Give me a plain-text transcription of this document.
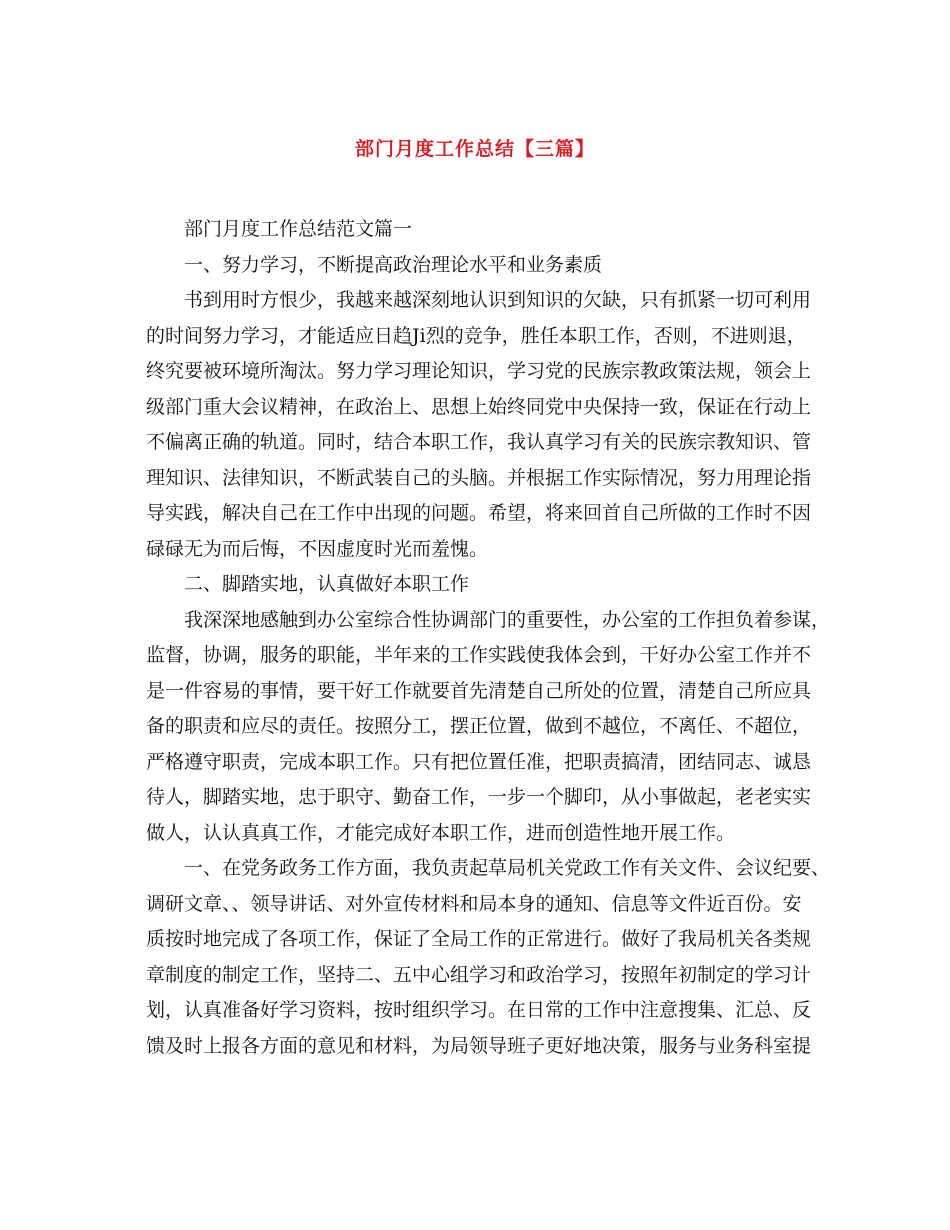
部门月度工作总结【三篇】
部门月度工作总结范文篇一
一、努力学习，不断提高政治理论水平和业务素质
书到用时方恨少，我越来越深刻地认识到知识的欠缺，只有抓紧一切可利用
的时间努力学习，才能适应日趋Ji烈的竞争，胜任本职工作，否则，不进则退，
终究要被环境所淘汰。努力学习理论知识，学习党的民族宗教政策法规，领会上
级部门重大会议精神，在政治上、思想上始终同党中央保持一致，保证在行动上
不偏离正确的轨道。同时，结合本职工作，我认真学习有关的民族宗教知识、管
理知识、法律知识，不断武装自己的头脑。并根据工作实际情况，努力用理论指
导实践，解决自己在工作中出现的问题。希望，将来回首自己所做的工作时不因
碌碌无为而后悔，不因虚度时光而羞愧。
二、脚踏实地，认真做好本职工作
我深深地感触到办公室综合性协调部门的重要性，办公室的工作担负着参谋，
监督，协调，服务的职能，半年来的工作实践使我体会到，干好办公室工作并不
是一件容易的事情，要干好工作就要首先清楚自己所处的位置，清楚自己所应具
备的职责和应尽的责任。按照分工，摆正位置，做到不越位，不离任、不超位，
严格遵守职责，完成本职工作。只有把位置任准，把职责搞清，团结同志、诚恳
待人，脚踏实地，忠于职守、勤奋工作，一步一个脚印，从小事做起，老老实实
做人，认认真真工作，才能完成好本职工作，进而创造性地开展工作。
一、在党务政务工作方面，我负责起草局机关党政工作有关文件、会议纪要、
调研文章、、领导讲话、对外宣传材料和局本身的通知、信息等文件近百份。安
质按时地完成了各项工作，保证了全局工作的正常进行。做好了我局机关各类规
章制度的制定工作，坚持二、五中心组学习和政治学习，按照年初制定的学习计
划，认真准备好学习资料，按时组织学习。在日常的工作中注意搜集、汇总、反
馈及时上报各方面的意见和材料，为局领导班子更好地决策，服务与业务科室提
